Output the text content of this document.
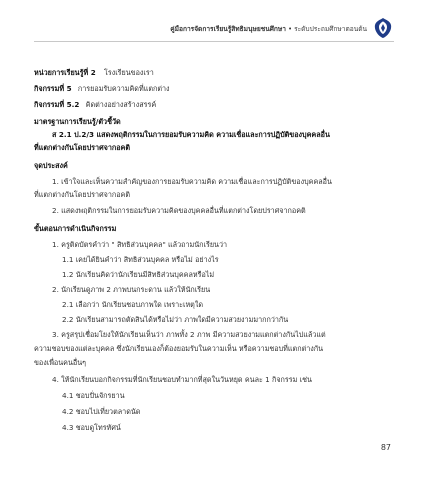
คู่มือการจัดการเรียนรู้สิทธิมนุษยชนศึกษา • ระดับประถมศึกษาตอนต้น
หน่วยการเรียนรู้ที่ 2 โรงเรียนของเรา
กิจกรรมที่ 5 การยอมรับความคิดที่แตกต่าง
กิจกรรมที่ 5.2 คิดต่างอย่างสร้างสรรค์
มาตรฐานการเรียนรู้/ตัวชี้วัด
ส 2.1 ป.2/3 แสดงพฤติกรรมในการยอมรับความคิด ความเชื่อและการปฏิบัติของบุคคลอื่น
ที่แตกต่างกันโดยปราศจากอคติ
จุดประสงค์
1. เข้าใจและเห็นความสำคัญของการยอมรับความคิด ความเชื่อและการปฏิบัติของบุคคลอื่น
ที่แตกต่างกันโดยปราศจากอคติ
2. แสดงพฤติกรรมในการยอมรับความคิดของบุคคลอื่นที่แตกต่างโดยปราศจากอคติ
ขั้นตอนการดำเนินกิจกรรม
1. ครูติดบัตรคำว่า " สิทธิส่วนบุคคล" แล้วถามนักเรียนว่า
1.1 เคยได้ยินคำว่า สิทธิส่วนบุคคล หรือไม่ อย่างไร
1.2 นักเรียนคิดว่านักเรียนมีสิทธิส่วนบุคคลหรือไม่
2. นักเรียนดูภาพ 2 ภาพบนกระดาน แล้วให้นักเรียน
2.1 เลือกว่า นักเรียนชอบภาพใด เพราะเหตุใด
2.2 นักเรียนสามารถตัดสินได้หรือไม่ว่า ภาพใดมีความสวยงามมากกว่ากัน
3. ครูสรุปเชื่อมโยงให้นักเรียนเห็นว่า ภาพทั้ง 2 ภาพ มีความสวยงามแตกต่างกันไปแล้วแต่
ความชอบของแต่ละบุคคล ซึ่งนักเรียนเองก็ต้องยอมรับในความเห็น หรือความชอบที่แตกต่างกัน
ของเพื่อนคนอื่นๆ
4. ให้นักเรียนบอกกิจกรรมที่นักเรียนชอบทำมากที่สุดในวันหยุด คนละ 1 กิจกรรม เช่น
4.1 ชอบปั่นจักรยาน
4.2 ชอบไปเที่ยวตลาดนัด
4.3 ชอบดูโทรทัศน์
87
